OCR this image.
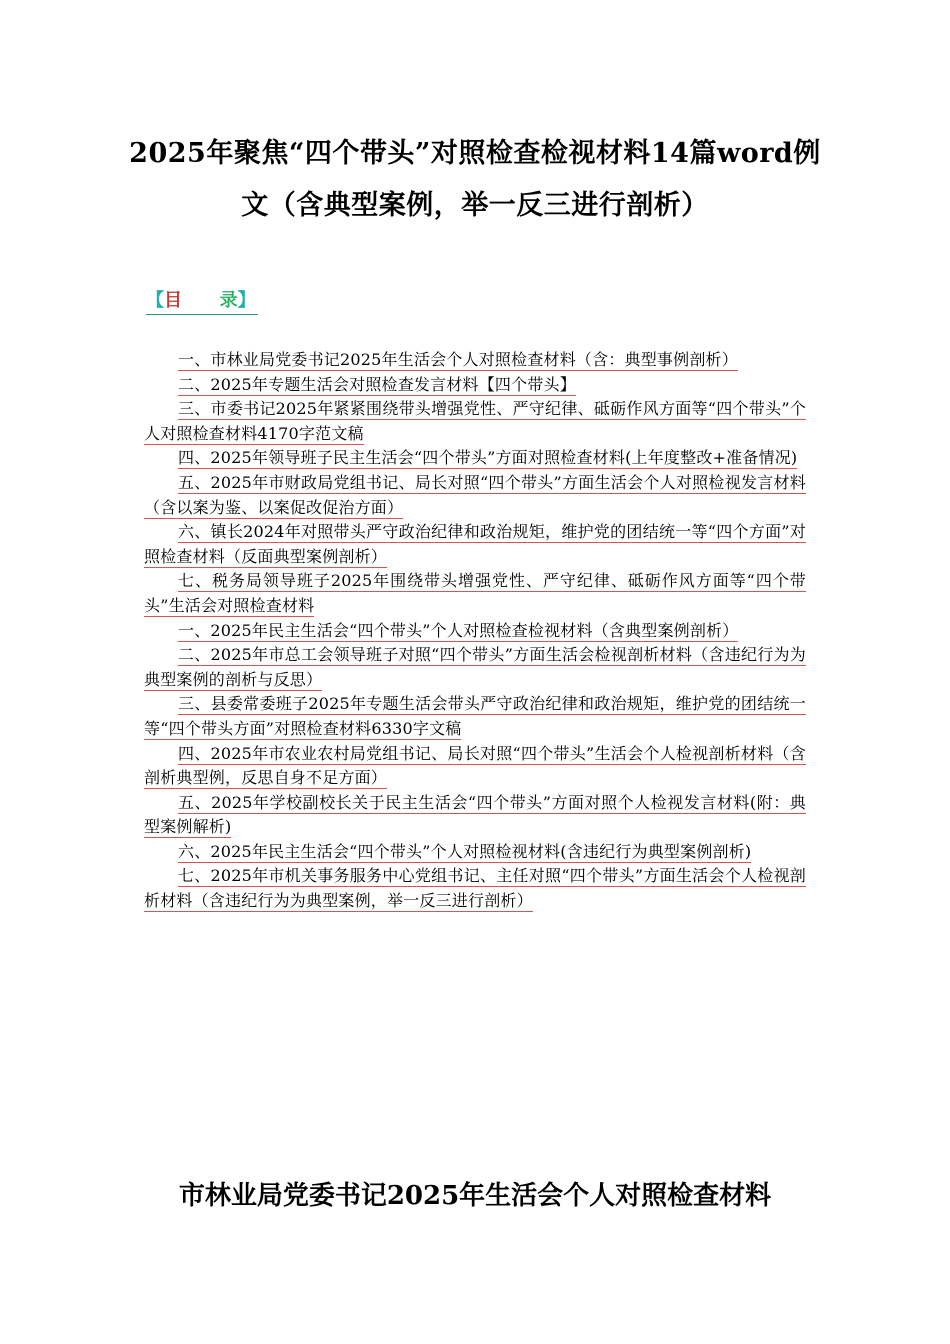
2025年聚焦“四个带头”对照检查检视材料14篇word例文（含典型案例，举一反三进行剖析）
【目 录】
一、市林业局党委书记2025年生活会个人对照检查材料（含：典型事例剖析）
二、2025年专题生活会对照检查发言材料【四个带头】
三、市委书记2025年紧紧围绕带头增强党性、严守纪律、砥砺作风方面等“四个带头”个人对照检查材料4170字范文稿
四、2025年领导班子民主生活会“四个带头”方面对照检查材料(上年度整改+准备情况)
五、2025年市财政局党组书记、局长对照“四个带头”方面生活会个人对照检视发言材料（含以案为鉴、以案促改促治方面）
六、镇长2024年对照带头严守政治纪律和政治规矩，维护党的团结统一等“四个方面”对照检查材料（反面典型案例剖析）
七、税务局领导班子2025年围绕带头增强党性、严守纪律、砥砺作风方面等“四个带头”生活会对照检查材料
一、2025年民主生活会“四个带头”个人对照检查检视材料（含典型案例剖析）
二、2025年市总工会领导班子对照“四个带头”方面生活会检视剖析材料（含违纪行为为典型案例的剖析与反思）
三、县委常委班子2025年专题生活会带头严守政治纪律和政治规矩，维护党的团结统一等“四个带头方面”对照检查材料6330字文稿
四、2025年市农业农村局党组书记、局长对照“四个带头”生活会个人检视剖析材料（含剖析典型例，反思自身不足方面）
五、2025年学校副校长关于民主生活会“四个带头”方面对照个人检视发言材料(附：典型案例解析)
六、2025年民主生活会“四个带头”个人对照检视材料(含违纪行为典型案例剖析)
七、2025年市机关事务服务中心党组书记、主任对照“四个带头”方面生活会个人检视剖析材料（含违纪行为为典型案例，举一反三进行剖析）
市林业局党委书记2025年生活会个人对照检查材料
